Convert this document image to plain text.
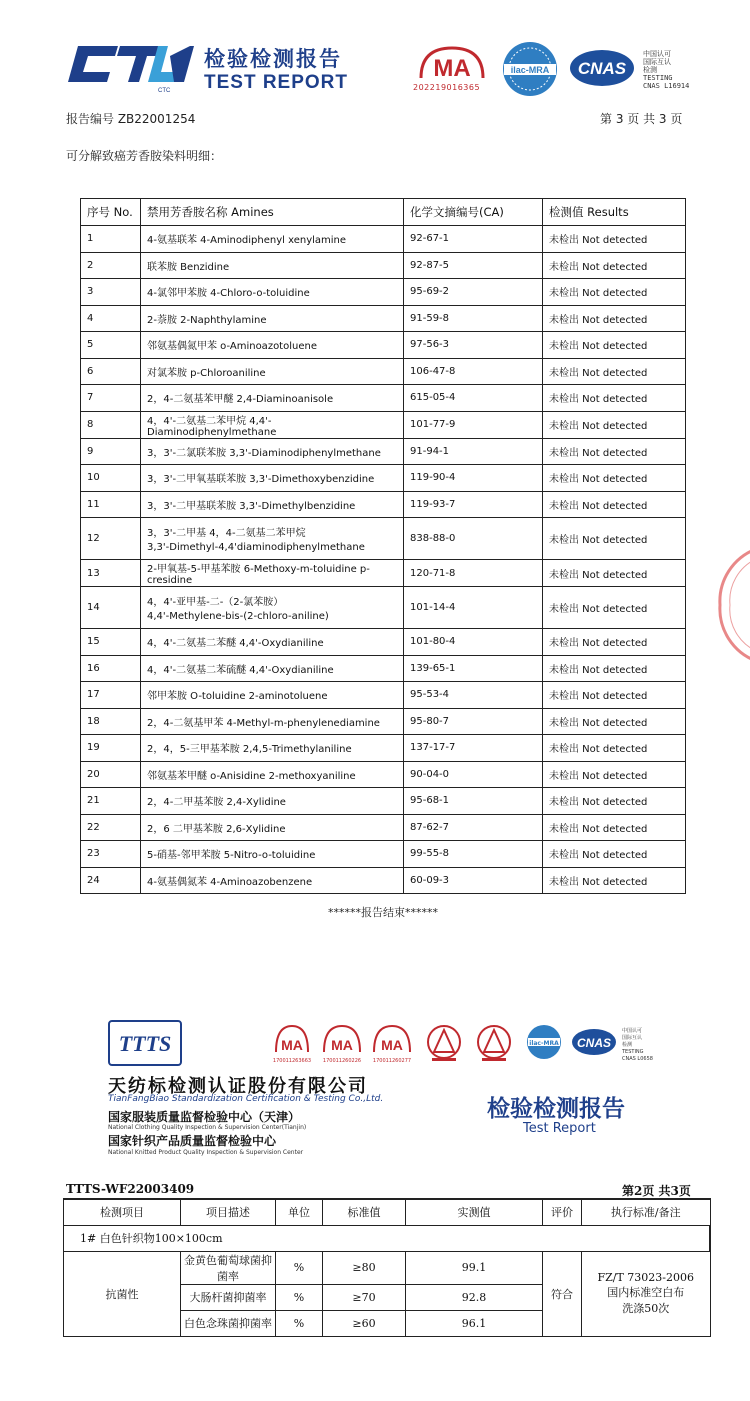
CTC
检验检测报告
TEST REPORT
MA
202219016365
ilac-MRA CNAS
中国认可
国际互认
检测
TESTING
CNAS L16914
报告编号 ZB22001254	第 3 页 共 3 页
可分解致癌芳香胺染料明细：
序号 No.	禁用芳香胺名称 Amines	化学文摘编号(CA)	检测值 Results
1	4-氨基联苯 4-Aminodiphenyl xenylamine	92-67-1	未检出 Not detected
2	联苯胺 Benzidine	92-87-5	未检出 Not detected
3	4-氯邻甲苯胺 4-Chloro-o-toluidine	95-69-2	未检出 Not detected
4	2-萘胺 2-Naphthylamine	91-59-8	未检出 Not detected
5	邻氨基偶氮甲苯 o-Aminoazotoluene	97-56-3	未检出 Not detected
6	对氯苯胺 p-Chloroaniline	106-47-8	未检出 Not detected
7	2，4-二氨基苯甲醚 2,4-Diaminoanisole	615-05-4	未检出 Not detected
8	4，4'-二氨基二苯甲烷 4,4'-Diaminodiphenylmethane	101-77-9	未检出 Not detected
9	3，3'-二氯联苯胺 3,3'-Diaminodiphenylmethane	91-94-1	未检出 Not detected
10	3，3'-二甲氧基联苯胺 3,3'-Dimethoxybenzidine	119-90-4	未检出 Not detected
11	3，3'-二甲基联苯胺 3,3'-Dimethylbenzidine	119-93-7	未检出 Not detected
12	3，3'-二甲基 4，4-二氨基二苯甲烷
3,3'-Dimethyl-4,4'diaminodiphenylmethane	838-88-0	未检出 Not detected
13	2-甲氧基-5-甲基苯胺 6-Methoxy-m-toluidine p-cresidine	120-71-8	未检出 Not detected
14	4，4'-亚甲基-二-（2-氯苯胺）
4,4'-Methylene-bis-(2-chloro-aniline)	101-14-4	未检出 Not detected
15	4，4'-二氨基二苯醚 4,4'-Oxydianiline	101-80-4	未检出 Not detected
16	4，4'-二氨基二苯硫醚 4,4'-Oxydianiline	139-65-1	未检出 Not detected
17	邻甲苯胺 O-toluidine 2-aminotoluene	95-53-4	未检出 Not detected
18	2，4-二氨基甲苯 4-Methyl-m-phenylenediamine	95-80-7	未检出 Not detected
19	2，4，5-三甲基苯胺 2,4,5-Trimethylaniline	137-17-7	未检出 Not detected
20	邻氨基苯甲醚 o-Anisidine 2-methoxyaniline	90-04-0	未检出 Not detected
21	2，4-二甲基苯胺 2,4-Xylidine	95-68-1	未检出 Not detected
22	2，6 二甲基苯胺 2,6-Xylidine	87-62-7	未检出 Not detected
23	5-硝基-邻甲苯胺 5-Nitro-o-toluidine	99-55-8	未检出 Not detected
24	4-氨基偶氮苯 4-Aminoazobenzene	60-09-3	未检出 Not detected
******报告结束******
TTTS	MA
170011263663
MA
170011260226
MA
170011260277
ilac-MRA CNAS
中国认可
国际互认
检测
TESTING
CNAS L0658
天纺标检测认证股份有限公司
TianFangBiao Standardization Certification & Testing Co.,Ltd.
国家服装质量监督检验中心（天津）
National Clothing Quality Inspection & Supervision Center(Tianjin)
国家针织产品质量监督检验中心
National Knitted Product Quality Inspection & Supervision Center
检验检测报告
Test Report
TTTS-WF22003409	第2页 共3页
检测项目	项目描述	单位	标准值	实测值	评价	执行标准/备注
1# 白色针织物100×100cm						
抗菌性	金黄色葡萄球菌抑菌率	%	≥80	99.1	符合	FZ/T 73023-2006
国内标准空白布
洗涤50次

	大肠杆菌抑菌率	%	≥70	92.8		
	白色念珠菌抑菌率	%	≥60	96.1		
